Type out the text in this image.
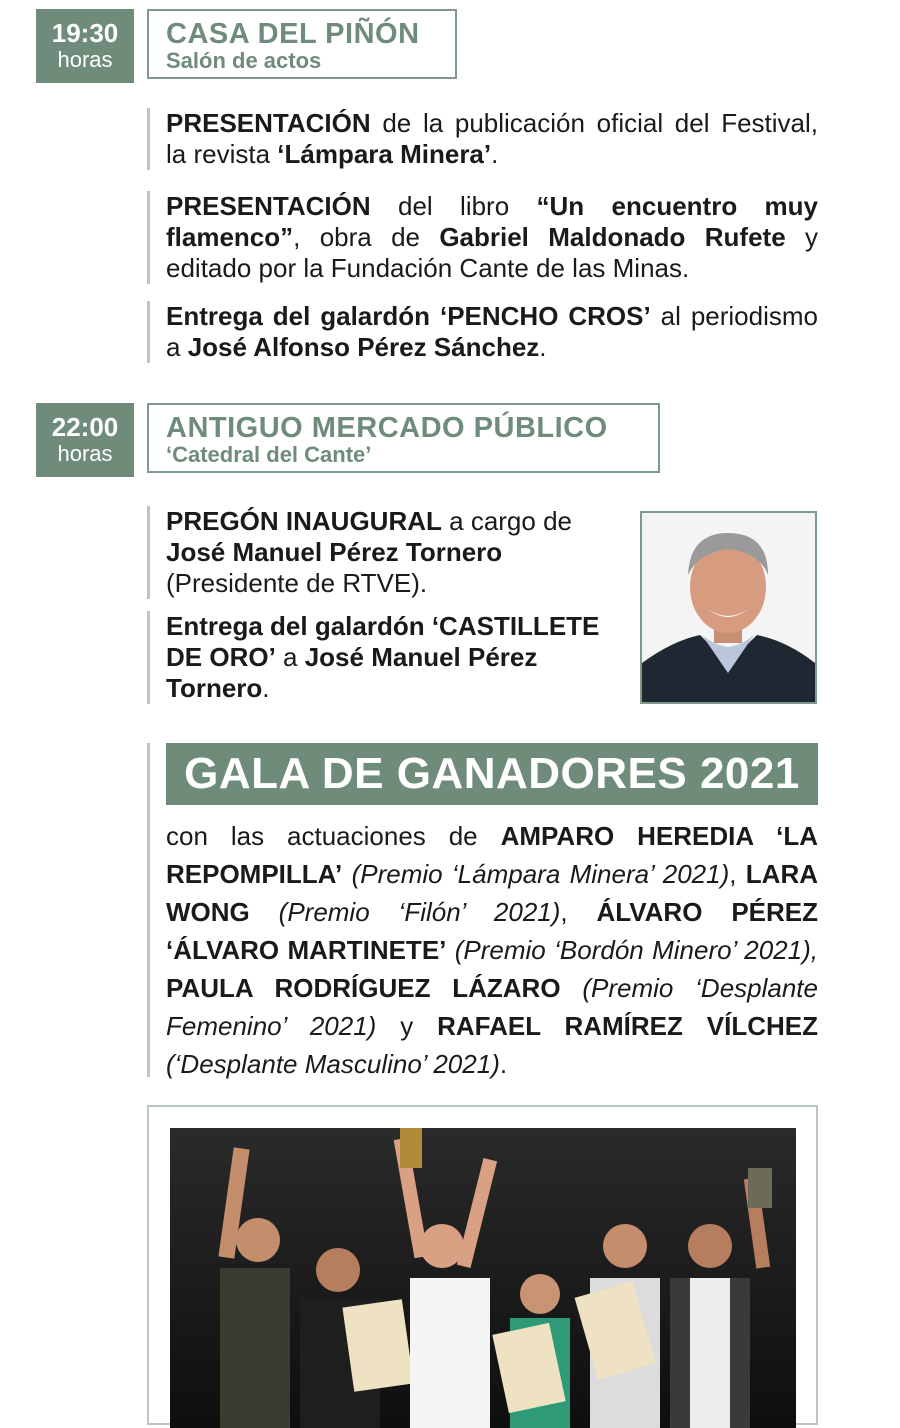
19:30
horas
CASA DEL PIÑÓN
Salón de actos
PRESENTACIÓN de la publicación oficial del Festival, la revista ‘Lámpara Minera’.
PRESENTACIÓN del libro “Un encuentro muy flamenco”, obra de Gabriel Maldonado Rufete y editado por la Fundación Cante de las Minas.
Entrega del galardón ‘PENCHO CROS’ al periodismo a José Alfonso Pérez Sánchez.
22:00
horas
ANTIGUO MERCADO PÚBLICO
‘Catedral del Cante’
PREGÓN INAUGURAL a cargo de José Manuel Pérez Tornero (Presidente de RTVE).
Entrega del galardón ‘CASTILLETE DE ORO’ a José Manuel Pérez Tornero.
GALA DE GANADORES 2021
con las actuaciones de AMPARO HEREDIA ‘LA REPOMPILLA’ (Premio ‘Lámpara Minera’ 2021), LARA WONG (Premio ‘Filón’ 2021), ÁLVARO PÉREZ ‘ÁLVARO MARTINETE’ (Premio ‘Bordón Minero’ 2021), PAULA RODRÍGUEZ LÁZARO (Premio ‘Desplante Femenino’ 2021) y RAFAEL RAMÍREZ VÍLCHEZ (‘Desplante Masculino’ 2021).
